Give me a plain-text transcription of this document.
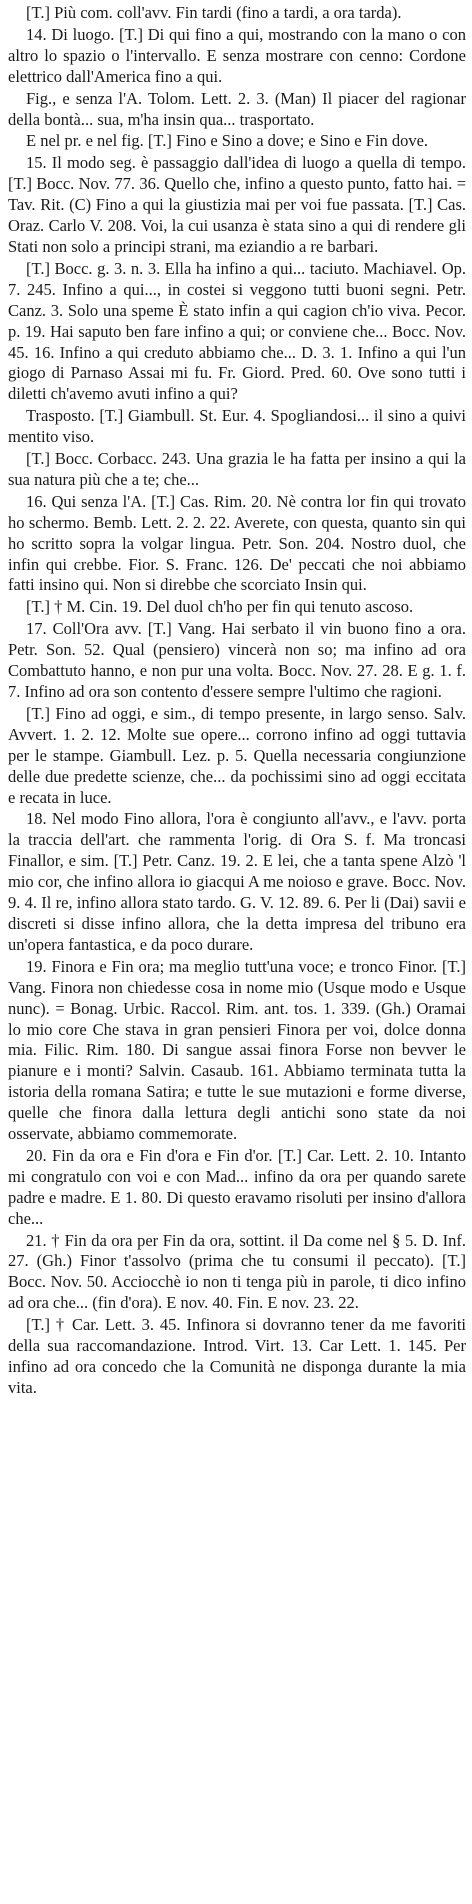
[T.] Più com. coll'avv. Fin tardi (fino a tardi, a ora tarda).

14. Di luogo. [T.] Di qui fino a qui, mostrando con la mano o con altro lo spazio o l'intervallo. E senza mostrare con cenno: Cordone elettrico dall'America fino a qui.

Fig., e senza l'A. Tolom. Lett. 2. 3. (Man) Il piacer del ragionar della bontà... sua, m'ha insin qua... trasportato.

E nel pr. e nel fig. [T.] Fino e Sino a dove; e Sino e Fin dove.

15. Il modo seg. è passaggio dall'idea di luogo a quella di tempo. [T.] Bocc. Nov. 77. 36. Quello che, infino a questo punto, fatto hai. = Tav. Rit. (C) Fino a qui la giustizia mai per voi fue passata. [T.] Cas. Oraz. Carlo V. 208. Voi, la cui usanza è stata sino a qui di rendere gli Stati non solo a principi strani, ma eziandio a re barbari.

[T.] Bocc. g. 3. n. 3. Ella ha infino a qui... taciuto. Machiavel. Op. 7. 245. Infino a qui..., in costei si veggono tutti buoni segni. Petr. Canz. 3. Solo una speme È stato infin a qui cagion ch'io viva. Pecor. p. 19. Hai saputo ben fare infino a qui; or conviene che... Bocc. Nov. 45. 16. Infino a qui creduto abbiamo che... D. 3. 1. Infino a qui l'un giogo di Parnaso Assai mi fu. Fr. Giord. Pred. 60. Ove sono tutti i diletti ch'avemo avuti infino a qui?

Trasposto. [T.] Giambull. St. Eur. 4. Spogliandosi... il sino a quivi mentito viso.

[T.] Bocc. Corbacc. 243. Una grazia le ha fatta per insino a qui la sua natura più che a te; che...

16. Qui senza l'A. [T.] Cas. Rim. 20. Nè contra lor fin qui trovato ho schermo. Bemb. Lett. 2. 2. 22. Averete, con questa, quanto sin qui ho scritto sopra la volgar lingua. Petr. Son. 204. Nostro duol, che infin qui crebbe. Fior. S. Franc. 126. De' peccati che noi abbiamo fatti insino qui. Non si direbbe che scorciato Insin qui.

[T.] † M. Cin. 19. Del duol ch'ho per fin qui tenuto ascoso.

17. Coll'Ora avv. [T.] Vang. Hai serbato il vin buono fino a ora. Petr. Son. 52. Qual (pensiero) vincerà non so; ma infino ad ora Combattuto hanno, e non pur una volta. Bocc. Nov. 27. 28. E g. 1. f. 7. Infino ad ora son contento d'essere sempre l'ultimo che ragioni.

[T.] Fino ad oggi, e sim., di tempo presente, in largo senso. Salv. Avvert. 1. 2. 12. Molte sue opere... corrono infino ad oggi tuttavia per le stampe. Giambull. Lez. p. 5. Quella necessaria congiunzione delle due predette scienze, che... da pochissimi sino ad oggi eccitata e recata in luce.

18. Nel modo Fino allora, l'ora è congiunto all'avv., e l'avv. porta la traccia dell'art. che rammenta l'orig. di Ora S. f. Ma troncasi Finallor, e sim. [T.] Petr. Canz. 19. 2. E lei, che a tanta spene Alzò 'l mio cor, che infino allora io giacqui A me noioso e grave. Bocc. Nov. 9. 4. Il re, infino allora stato tardo. G. V. 12. 89. 6. Per li (Dai) savii e discreti si disse infino allora, che la detta impresa del tribuno era un'opera fantastica, e da poco durare.

19. Finora e Fin ora; ma meglio tutt'una voce; e tronco Finor. [T.] Vang. Finora non chiedesse cosa in nome mio (Usque modo e Usque nunc). = Bonag. Urbic. Raccol. Rim. ant. tos. 1. 339. (Gh.) Oramai lo mio core Che stava in gran pensieri Finora per voi, dolce donna mia. Filic. Rim. 180. Di sangue assai finora Forse non bevver le pianure e i monti? Salvin. Casaub. 161. Abbiamo terminata tutta la istoria della romana Satira; e tutte le sue mutazioni e forme diverse, quelle che finora dalla lettura degli antichi sono state da noi osservate, abbiamo commemorate.

20. Fin da ora e Fin d'ora e Fin d'or. [T.] Car. Lett. 2. 10. Intanto mi congratulo con voi e con Mad... infino da ora per quando sarete padre e madre. E 1. 80. Di questo eravamo risoluti per insino d'allora che...

21. † Fin da ora per Fin da ora, sottint. il Da come nel § 5. D. Inf. 27. (Gh.) Finor t'assolvo (prima che tu consumi il peccato). [T.] Bocc. Nov. 50. Acciocchè io non ti tenga più in parole, ti dico infino ad ora che... (fin d'ora). E nov. 40. Fin. E nov. 23. 22.

[T.] † Car. Lett. 3. 45. Infinora si dovranno tener da me favoriti della sua raccomandazione. Introd. Virt. 13. Car Lett. 1. 145. Per infino ad ora concedo che la Comunità ne disponga durante la mia vita.
